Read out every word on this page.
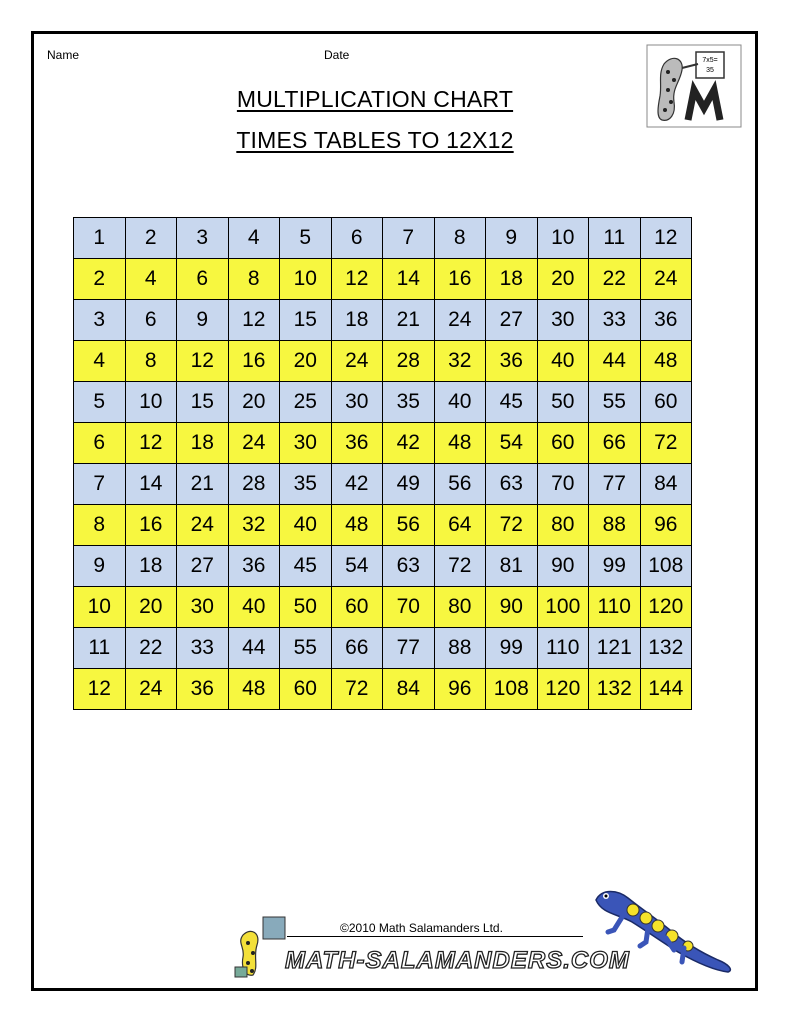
Name	Date
MULTIPLICATION CHART
TIMES TABLES TO 12X12
7x5=
35
1	2	3	4	5	6	7	8	9	10	11	12
2	4	6	8	10	12	14	16	18	20	22	24
3	6	9	12	15	18	21	24	27	30	33	36
4	8	12	16	20	24	28	32	36	40	44	48
5	10	15	20	25	30	35	40	45	50	55	60
6	12	18	24	30	36	42	48	54	60	66	72
7	14	21	28	35	42	49	56	63	70	77	84
8	16	24	32	40	48	56	64	72	80	88	96
9	18	27	36	45	54	63	72	81	90	99	108
10	20	30	40	50	60	70	80	90	100	110	120
11	22	33	44	55	66	77	88	99	110	121	132
12	24	36	48	60	72	84	96	108	120	132	144
©2010 Math Salamanders Ltd.
MATH-SALAMANDERS.COM
